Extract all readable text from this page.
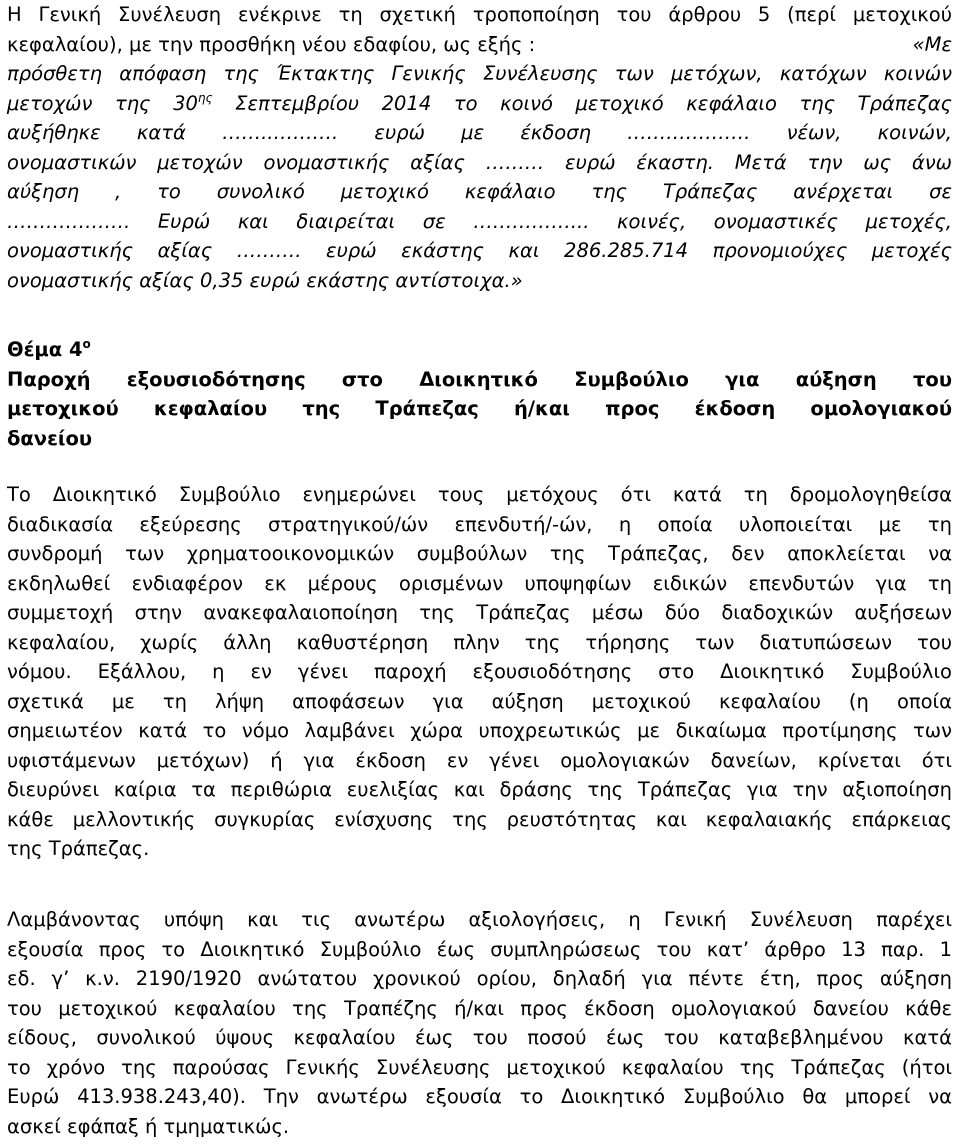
Η Γενική Συνέλευση ενέκρινε τη σχετική τροποποίηση του άρθρου 5 (περί μετοχικού
κεφαλαίου), με την προσθήκη νέου εδαφίου, ως εξής :	«Με
πρόσθετη απόφαση της Έκτακτης Γενικής Συνέλευσης των μετόχων, κατόχων κοινών
μετοχών της $30^{\eta\varsigma}$ Σεπτεμβρίου 2014 το κοινό μετοχικό κεφάλαιο της Τράπεζας
αυξήθηκε κατά ……..………. ευρώ με έκδοση ………………. νέων, κοινών,
ονομαστικών μετοχών ονομαστικής αξίας ……… ευρώ έκαστη. Μετά την ως άνω
αύξηση , το συνολικό μετοχικό κεφάλαιο της Τράπεζας ανέρχεται σε
………………. Ευρώ και διαιρείται σε ……………... κοινές, ονομαστικές μετοχές,
ονομαστικής αξίας ………. ευρώ εκάστης και 286.285.714 προνομιούχες μετοχές
ονομαστικής αξίας 0,35 ευρώ εκάστης αντίστοιχα.»
Θέμα $4^o$
Παροχή εξουσιοδότησης στο Διοικητικό Συμβούλιο για αύξηση του
μετοχικού κεφαλαίου της Τράπεζας ή/και προς έκδοση ομολογιακού
δανείου
Το Διοικητικό Συμβούλιο ενημερώνει τους μετόχους ότι κατά τη δρομολογηθείσα
διαδικασία εξεύρεσης στρατηγικού/ών επενδυτή/-ών, η οποία υλοποιείται με τη
συνδρομή των χρηματοοικονομικών συμβούλων της Τράπεζας, δεν αποκλείεται να
εκδηλωθεί ενδιαφέρον εκ μέρους ορισμένων υποψηφίων ειδικών επενδυτών για τη
συμμετοχή στην ανακεφαλαιοποίηση της Τράπεζας μέσω δύο διαδοχικών αυξήσεων
κεφαλαίου, χωρίς άλλη καθυστέρηση πλην της τήρησης των διατυπώσεων του
νόμου. Εξάλλου, η εν γένει παροχή εξουσιοδότησης στο Διοικητικό Συμβούλιο
σχετικά με τη λήψη αποφάσεων για αύξηση μετοχικού κεφαλαίου (η οποία
σημειωτέον κατά το νόμο λαμβάνει χώρα υποχρεωτικώς με δικαίωμα προτίμησης των
υφιστάμενων μετόχων) ή για έκδοση εν γένει ομολογιακών δανείων, κρίνεται ότι
διευρύνει καίρια τα περιθώρια ευελιξίας και δράσης της Τράπεζας για την αξιοποίηση
κάθε μελλοντικής συγκυρίας ενίσχυσης της ρευστότητας και κεφαλαιακής επάρκειας
της Τράπεζας.
Λαμβάνοντας υπόψη και τις ανωτέρω αξιολογήσεις, η Γενική Συνέλευση παρέχει
εξουσία προς το Διοικητικό Συμβούλιο έως συμπληρώσεως του κατ’ άρθρο 13 παρ. 1
εδ. γ’ κ.ν. 2190/1920 ανώτατου χρονικού ορίου, δηλαδή για πέντε έτη, προς αύξηση
του μετοχικού κεφαλαίου της Τραπέζης ή/και προς έκδοση ομολογιακού δανείου κάθε
είδους, συνολικού ύψους κεφαλαίου έως του ποσού έως του καταβεβλημένου κατά
το χρόνο της παρούσας Γενικής Συνέλευσης μετοχικού κεφαλαίου της Τράπεζας (ήτοι
Ευρώ 413.938.243,40). Την ανωτέρω εξουσία το Διοικητικό Συμβούλιο θα μπορεί να
ασκεί εφάπαξ ή τμηματικώς.
